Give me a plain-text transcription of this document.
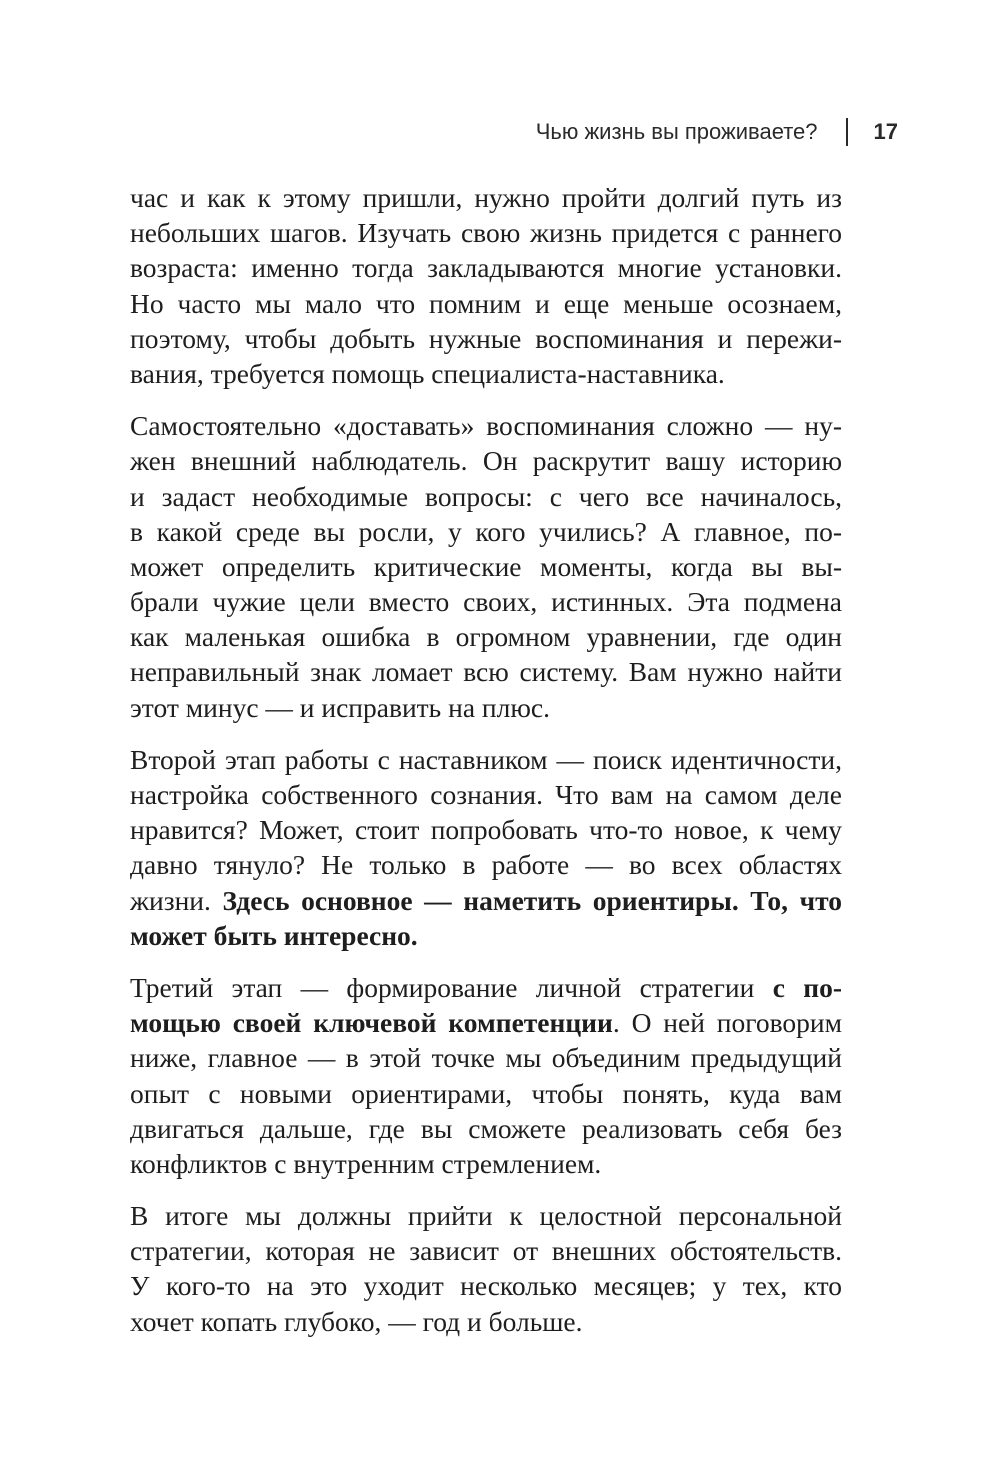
Чью жизнь вы проживаете?	17
час и как к этому пришли, нужно пройти долгий путь из
небольших шагов. Изучать свою жизнь придется с раннего
возраста: именно тогда закладываются многие установки.
Но часто мы мало что помним и еще меньше осознаем,
поэтому, чтобы добыть нужные воспоминания и пережи-
вания, требуется помощь специалиста-наставника.
Самостоятельно «доставать» воспоминания сложно — ну-
жен внешний наблюдатель. Он раскрутит вашу историю
и задаст необходимые вопросы: с чего все начиналось,
в какой среде вы росли, у кого учились? А главное, по-
может определить критические моменты, когда вы вы-
брали чужие цели вместо своих, истинных. Эта подмена
как маленькая ошибка в огромном уравнении, где один
неправильный знак ломает всю систему. Вам нужно найти
этот минус — и исправить на плюс.
Второй этап работы с наставником — поиск идентичности,
настройка собственного сознания. Что вам на самом деле
нравится? Может, стоит попробовать что-то новое, к чему
давно тянуло? Не только в работе — во всех областях
жизни. Здесь основное — наметить ориентиры. То, что
может быть интересно.
Третий этап — формирование личной стратегии с по-
мощью своей ключевой компетенции. О ней поговорим
ниже, главное — в этой точке мы объединим предыдущий
опыт с новыми ориентирами, чтобы понять, куда вам
двигаться дальше, где вы сможете реализовать себя без
конфликтов с внутренним стремлением.
В итоге мы должны прийти к целостной персональной
стратегии, которая не зависит от внешних обстоятельств.
У кого-то на это уходит несколько месяцев; у тех, кто
хочет копать глубоко, — год и больше.
